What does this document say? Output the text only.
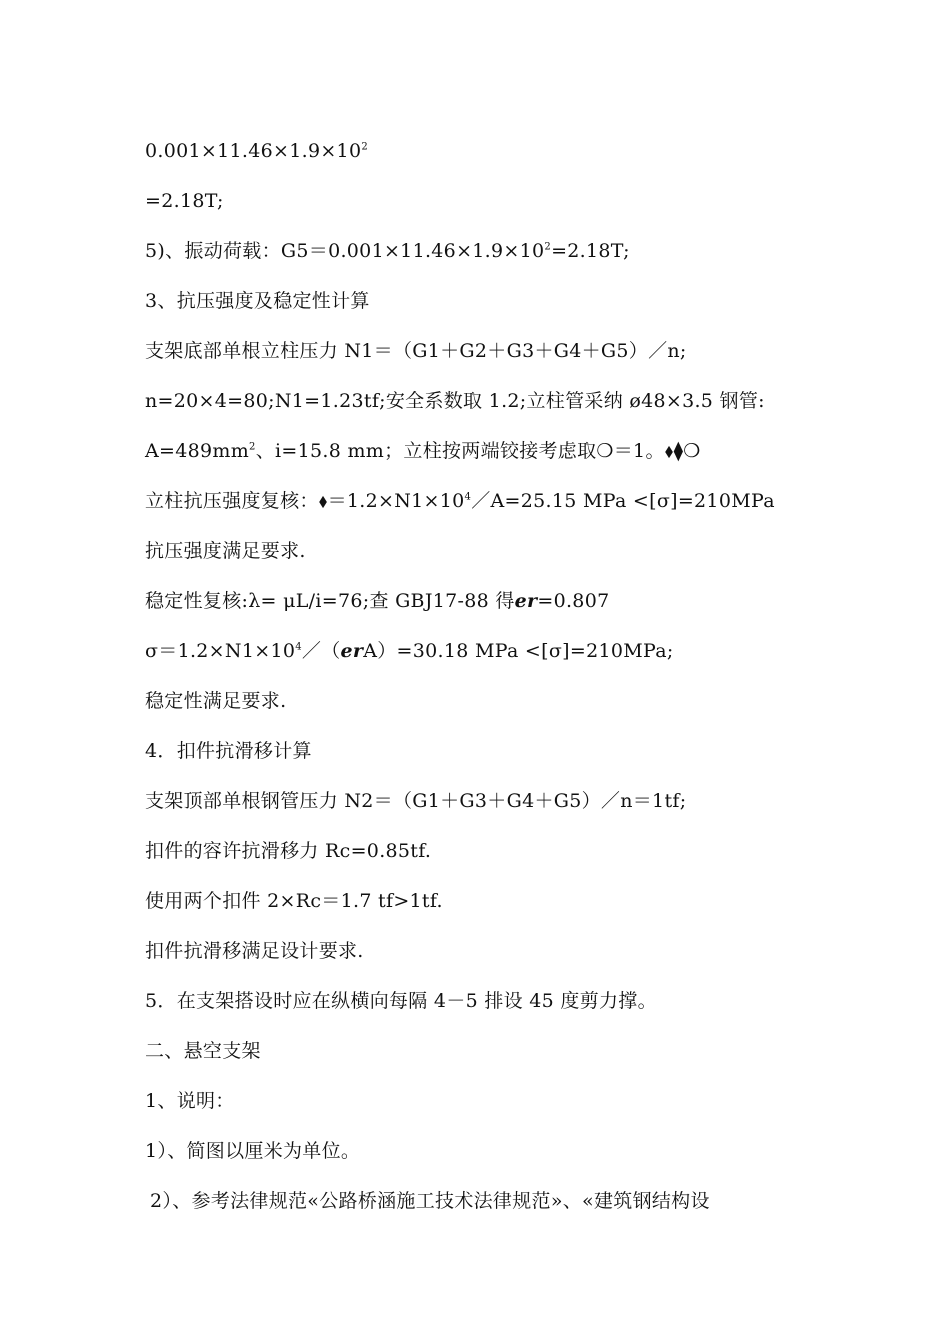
$0.001\times 11.46\times 1.9\times 10^2$
=2.18T;
5)、振动荷载：$G5=0.001\times 11.46\times 1.9\times 10^2=2.18T$;
3、抗压强度及稳定性计算
支架底部单根立柱压力 N1＝（G1＋G2＋G3＋G4＋G5）／n;
n=20×4=80;N1=1.23tf;安全系数取 1.2;立柱管采纳 ø48×3.5 钢管:
$A=489mm^2$、i=15.8 mm；立柱按两端铰接考虑取❍＝1。⬧⧫❍
立柱抗压强度复核：$⬧=1.2\times N1\times 10^4/A=25.15$ MPa <[σ]=210MPa
抗压强度满足要求.
稳定性复核:λ= μL/i=76;查 GBJ17-88 得er=0.807
$\sigma=1.2\times N1\times 10^4/(erA)=30.18$ MPa <[σ]=210MPa;
稳定性满足要求.
4．扣件抗滑移计算
支架顶部单根钢管压力 N2＝（G1＋G3＋G4＋G5）／n＝1tf;
扣件的容许抗滑移力 Rc=0.85tf.
使用两个扣件 2×Rc＝1.7 tf>1tf.
扣件抗滑移满足设计要求.
5．在支架搭设时应在纵横向每隔 4－5 排设 45 度剪力撑。
二、悬空支架
1、说明：
1）、简图以厘米为单位。
2）、参考法律规范«公路桥涵施工技术法律规范»、«建筑钢结构设
